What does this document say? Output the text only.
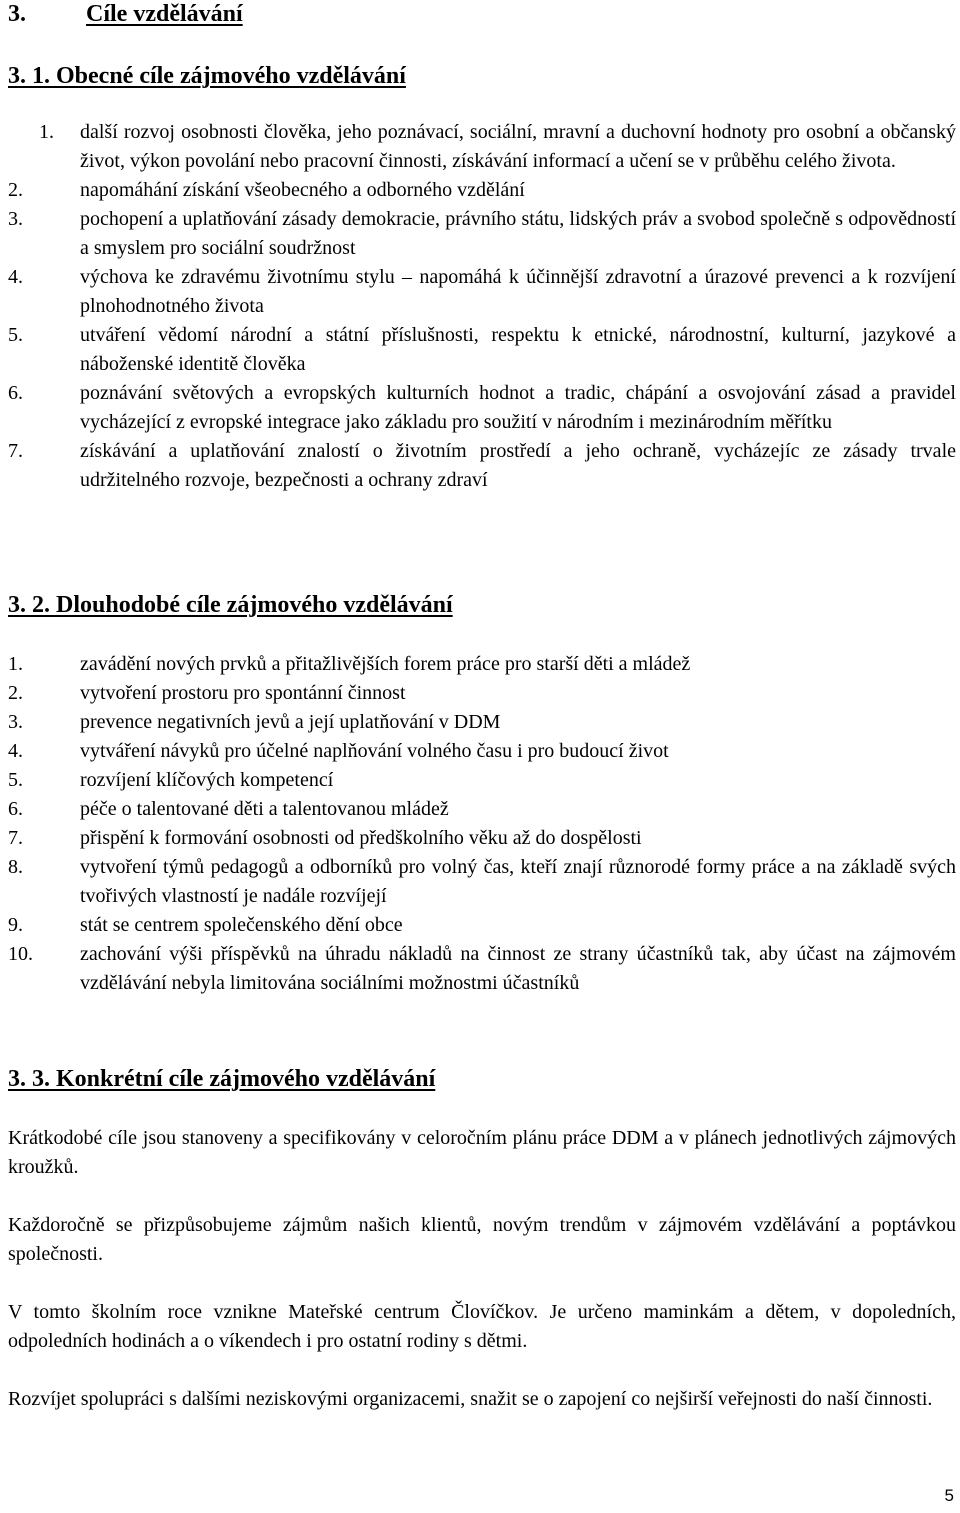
3.	Cíle vzdělávání
3. 1. Obecné cíle zájmového vzdělávání
1.	další rozvoj osobnosti člověka, jeho poznávací, sociální, mravní a duchovní hodnoty pro osobní a občanský život, výkon povolání nebo pracovní činnosti, získávání informací a učení se v průběhu celého života.
2.	napomáhání získání všeobecného a odborného vzdělání
3.	pochopení a uplatňování zásady demokracie, právního státu, lidských práv a svobod společně s odpovědností a smyslem pro sociální soudržnost
4.	výchova ke zdravému životnímu stylu – napomáhá k účinnější zdravotní a úrazové prevenci a k rozvíjení plnohodnotného života
5.	utváření vědomí národní a státní příslušnosti, respektu k etnické, národnostní, kulturní, jazykové a náboženské identitě člověka
6.	poznávání světových a evropských kulturních hodnot a tradic, chápání a osvojování zásad a pravidel vycházející z evropské integrace jako základu pro soužití v národním i mezinárodním měřítku
7.	získávání a uplatňování znalostí o životním prostředí a jeho ochraně, vycházejíc ze zásady trvale udržitelného rozvoje, bezpečnosti a ochrany zdraví
3. 2. Dlouhodobé cíle zájmového vzdělávání
1.	zavádění nových prvků a přitažlivějších forem práce pro starší děti a mládež
2.	vytvoření prostoru pro spontánní činnost
3.	prevence negativních jevů a její uplatňování v DDM
4.	vytváření návyků pro účelné naplňování volného času i pro budoucí život
5.	rozvíjení klíčových kompetencí
6.	péče o talentované děti a talentovanou mládež
7.	přispění k formování osobnosti od předškolního věku až do dospělosti
8.	vytvoření týmů pedagogů a odborníků pro volný čas, kteří znají různorodé formy práce a na základě svých tvořivých vlastností je nadále rozvíjejí
9.	stát se centrem společenského dění obce
10.	zachování výši příspěvků na úhradu nákladů na činnost ze strany účastníků tak, aby účast na zájmovém vzdělávání nebyla limitována sociálními možnostmi účastníků
3. 3. Konkrétní cíle zájmového vzdělávání

Krátkodobé cíle jsou stanoveny a specifikovány v celoročním plánu práce DDM a v plánech jednotlivých zájmových kroužků.

Každoročně se přizpůsobujeme zájmům našich klientů, novým trendům v zájmovém vzdělávání a poptávkou společnosti.

V tomto školním roce vznikne Mateřské centrum Človíčkov. Je určeno maminkám a dětem, v dopoledních, odpoledních hodinách a o víkendech i pro ostatní rodiny s dětmi.

Rozvíjet spolupráci s dalšími neziskovými organizacemi, snažit se o zapojení co nejširší veřejnosti do naší činnosti.

5
